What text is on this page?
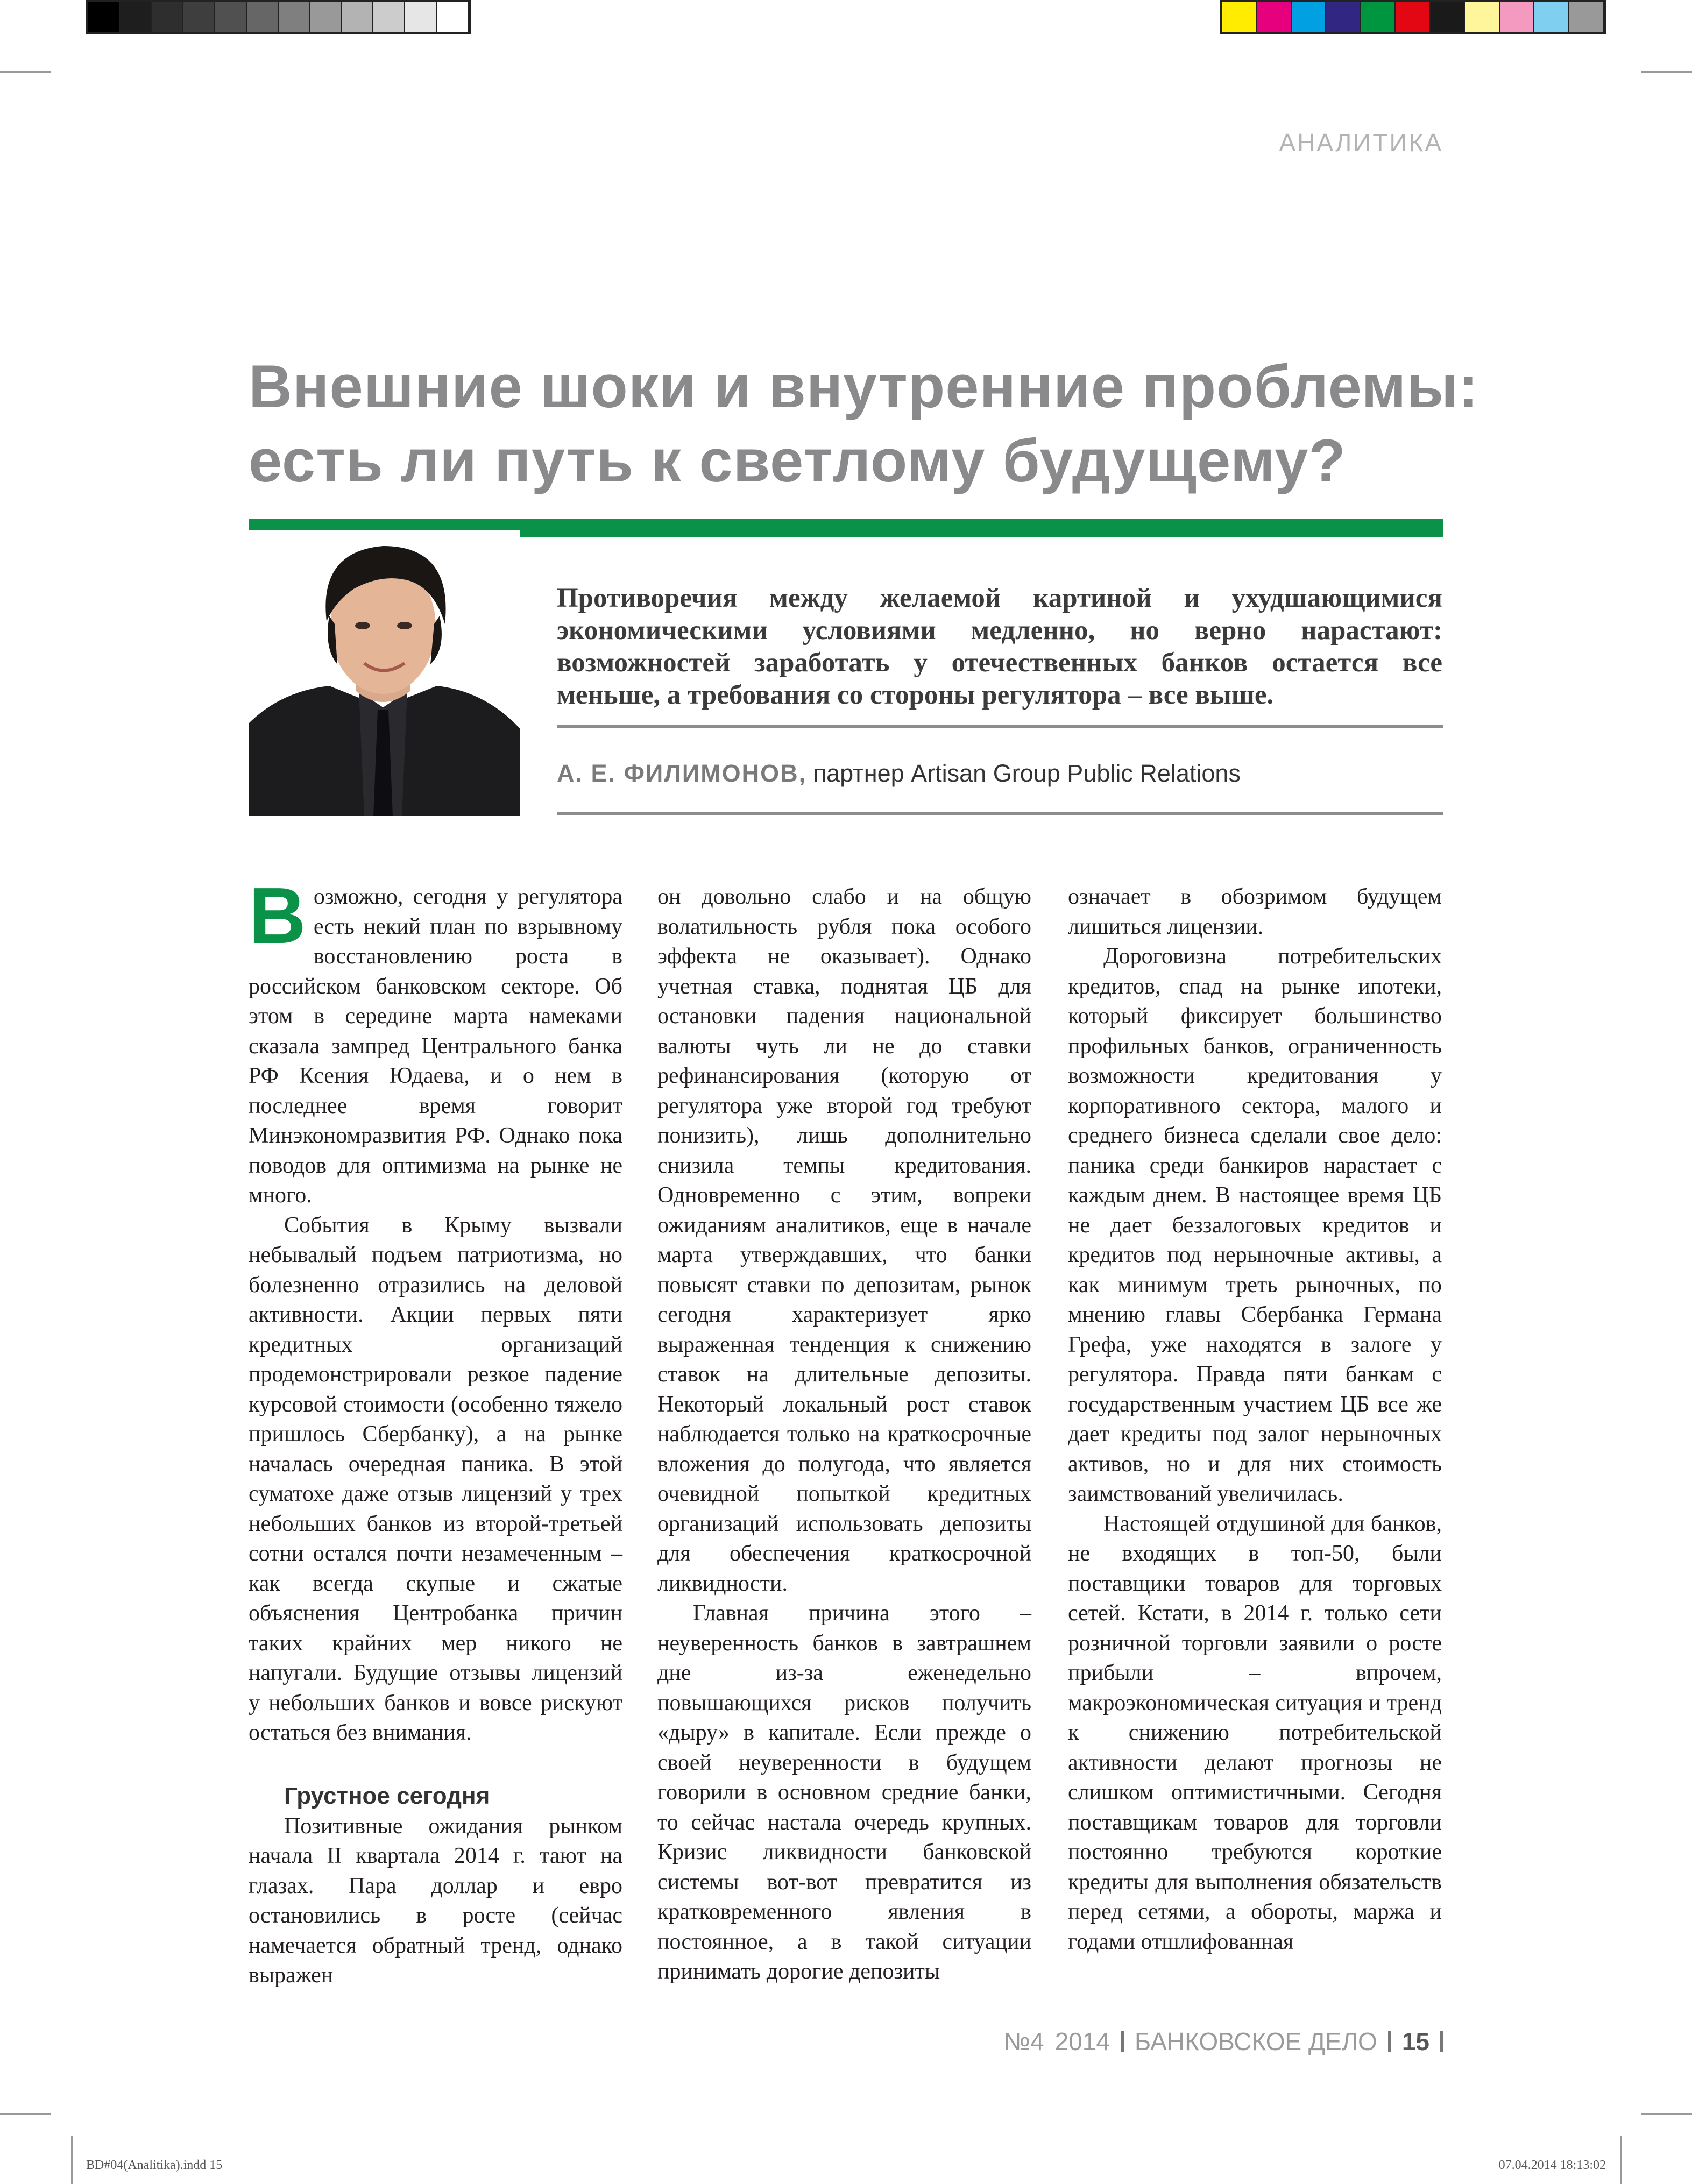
АНАЛИТИКА
Внешние шоки и внутренние проблемы:
есть ли путь к светлому будущему?
Противоречия между желаемой картиной и ухудшающимися экономическими условиями медленно, но верно нарастают: возможностей заработать у отечественных банков остается все меньше, а требования со стороны регулятора – все выше.
А. Е. ФИЛИМОНОВ, партнер Artisan Group Public Relations

Возможно, сегодня у регулятора есть некий план по взрывному восстановлению роста в российском банковском секторе. Об этом в середине марта намеками сказала зампред Центрального банка РФ Ксения Юдаева, и о нем в последнее время говорит Минэкономразвития РФ. Однако пока поводов для оптимизма на рынке не много.

События в Крыму вызвали небывалый подъем патриотизма, но болезненно отразились на деловой активности. Акции первых пяти кредитных организаций продемонстрировали резкое падение курсовой стоимости (особенно тяжело пришлось Сбербанку), а на рынке началась очередная паника. В этой суматохе даже отзыв лицензий у трех небольших банков из второй-третьей сотни остался почти незамеченным – как всегда скупые и сжатые объяснения Центробанка причин таких крайних мер никого не напугали. Будущие отзывы лицензий у небольших банков и вовсе рискуют остаться без внимания.

Грустное сегодня

Позитивные ожидания рынком начала II квартала 2014 г. тают на глазах. Пара доллар и евро остановились в росте (сейчас намечается обратный тренд, однако выражен

он довольно слабо и на общую волатильность рубля пока особого эффекта не оказывает). Однако учетная ставка, поднятая ЦБ для остановки падения национальной валюты чуть ли не до ставки рефинансирования (которую от регулятора уже второй год требуют понизить), лишь дополнительно снизила темпы кредитования. Одновременно с этим, вопреки ожиданиям аналитиков, еще в начале марта утверждавших, что банки повысят ставки по депозитам, рынок сегодня характеризует ярко выраженная тенденция к снижению ставок на длительные депозиты. Некоторый локальный рост ставок наблюдается только на краткосрочные вложения до полугода, что является очевидной попыткой кредитных организаций использовать депозиты для обеспечения краткосрочной ликвидности.

Главная причина этого – неуверенность банков в завтрашнем дне из-за еженедельно повышающихся рисков получить «дыру» в капитале. Если прежде о своей неуверенности в будущем говорили в основном средние банки, то сейчас настала очередь крупных. Кризис ликвидности банковской системы вот-вот превратится из кратковременного явления в постоянное, а в такой ситуации принимать дорогие депозиты

означает в обозримом будущем лишиться лицензии.

Дороговизна потребительских кредитов, спад на рынке ипотеки, который фиксирует большинство профильных банков, ограниченность возможности кредитования у корпоративного сектора, малого и среднего бизнеса сделали свое дело: паника среди банкиров нарастает с каждым днем. В настоящее время ЦБ не дает беззалоговых кредитов и кредитов под нерыночные активы, а как минимум треть рыночных, по мнению главы Сбербанка Германа Грефа, уже находятся в залоге у регулятора. Правда пяти банкам с государственным участием ЦБ все же дает кредиты под залог нерыночных активов, но и для них стоимость заимствований увеличилась.

Настоящей отдушиной для банков, не входящих в топ-50, были поставщики товаров для торговых сетей. Кстати, в 2014 г. только сети розничной торговли заявили о росте прибыли – впрочем, макроэкономическая ситуация и тренд к снижению потребительской активности делают прогнозы не слишком оптимистичными. Сегодня поставщикам товаров для торговли постоянно требуются короткие кредиты для выполнения обязательств перед сетями, а обороты, маржа и годами отшлифованная

№4 2014 БАНКОВСКОЕ ДЕЛО 15
BD#04(Analitika).indd 15	07.04.2014 18:13:02
